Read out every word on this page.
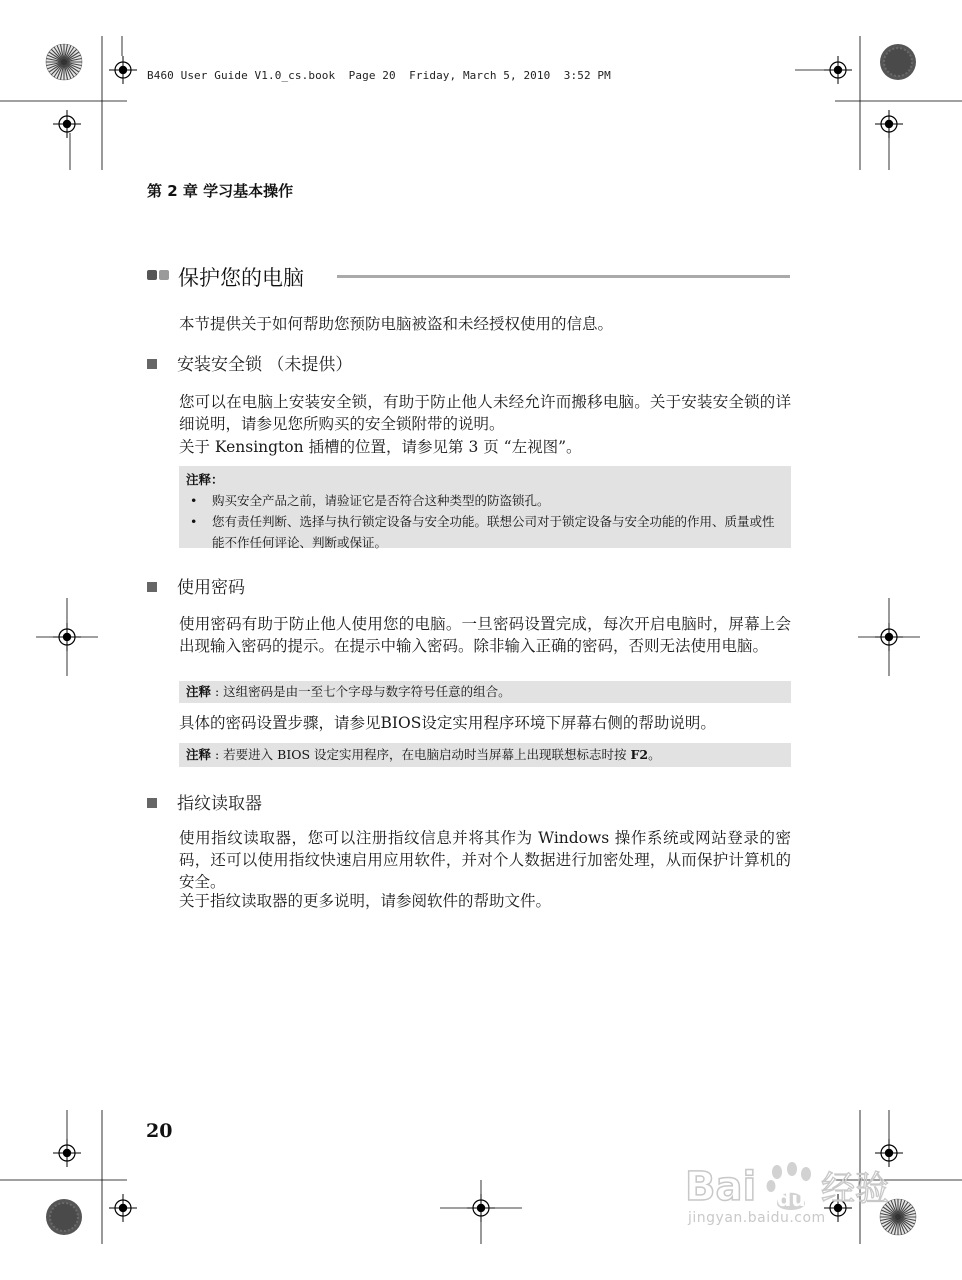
B460 User Guide V1.0_cs.book  Page 20  Friday, March 5, 2010  3:52 PM
第 2 章 学习基本操作
保护您的电脑
本节提供关于如何帮助您预防电脑被盗和未经授权使用的信息。
安装安全锁 （未提供）
您可以在电脑上安装安全锁，有助于防止他人未经允许而搬移电脑。关于安装安全锁的详细说明，请参见您所购买的安全锁附带的说明。
关于 Kensington 插槽的位置，请参见第 3 页 “左视图”。
注释：
• 购买安全产品之前，请验证它是否符合这种类型的防盗锁孔。
• 您有责任判断、选择与执行锁定设备与安全功能。联想公司对于锁定设备与安全功能的作用、质量或性能不作任何评论、判断或保证。
使用密码
使用密码有助于防止他人使用您的电脑。一旦密码设置完成，每次开启电脑时，屏幕上会出现输入密码的提示。在提示中输入密码。除非输入正确的密码，否则无法使用电脑。
注释 : 这组密码是由一至七个字母与数字符号任意的组合。
具体的密码设置步骤，请参见BIOS设定实用程序环境下屏幕右侧的帮助说明。
注释 : 若要进入 BIOS 设定实用程序，在电脑启动时当屏幕上出现联想标志时按 F2。
指纹读取器
使用指纹读取器，您可以注册指纹信息并将其作为 Windows 操作系统或网站登录的密码，还可以使用指纹快速启用应用软件，并对个人数据进行加密处理，从而保护计算机的安全。
关于指纹读取器的更多说明，请参阅软件的帮助文件。
20
Bai du 经验
jingyan.baidu.com
